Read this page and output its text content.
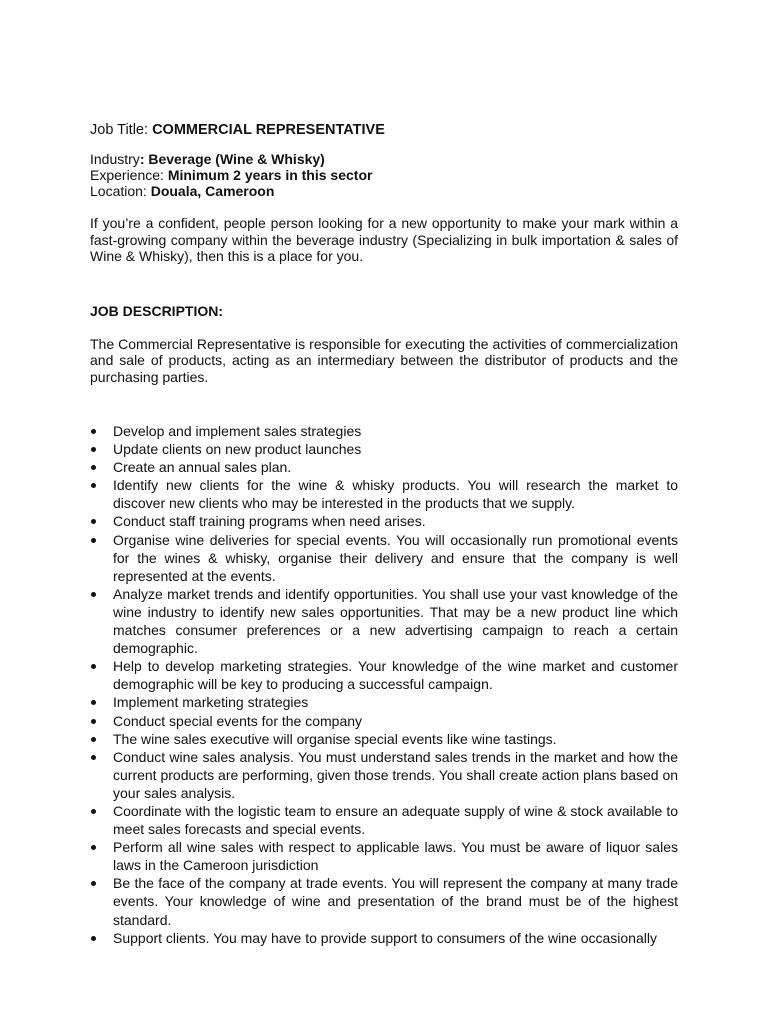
Job Title: COMMERCIAL REPRESENTATIVE
Industry: Beverage (Wine & Whisky)
Experience: Minimum 2 years in this sector
Location: Douala, Cameroon

If you’re a confident, people person looking for a new opportunity to make your mark within a fast-growing company within the beverage industry (Specializing in bulk importation & sales of Wine & Whisky), then this is a place for you.

JOB DESCRIPTION:

The Commercial Representative is responsible for executing the activities of commercialization and sale of products, acting as an intermediary between the distributor of products and the purchasing parties.

Develop and implement sales strategies
Update clients on new product launches
Create an annual sales plan.
Identify new clients for the wine & whisky products. You will research the market to discover new clients who may be interested in the products that we supply.
Conduct staff training programs when need arises.
Organise wine deliveries for special events. You will occasionally run promotional events for the wines & whisky, organise their delivery and ensure that the company is well represented at the events.
Analyze market trends and identify opportunities. You shall use your vast knowledge of the wine industry to identify new sales opportunities. That may be a new product line which matches consumer preferences or a new advertising campaign to reach a certain demographic.
Help to develop marketing strategies. Your knowledge of the wine market and customer demographic will be key to producing a successful campaign.
Implement marketing strategies
Conduct special events for the company
The wine sales executive will organise special events like wine tastings.
Conduct wine sales analysis. You must understand sales trends in the market and how the current products are performing, given those trends. You shall create action plans based on your sales analysis.
Coordinate with the logistic team to ensure an adequate supply of wine & stock available to meet sales forecasts and special events.
Perform all wine sales with respect to applicable laws. You must be aware of liquor sales laws in the Cameroon jurisdiction
Be the face of the company at trade events. You will represent the company at many trade events. Your knowledge of wine and presentation of the brand must be of the highest standard.
Support clients. You may have to provide support to consumers of the wine occasionally
